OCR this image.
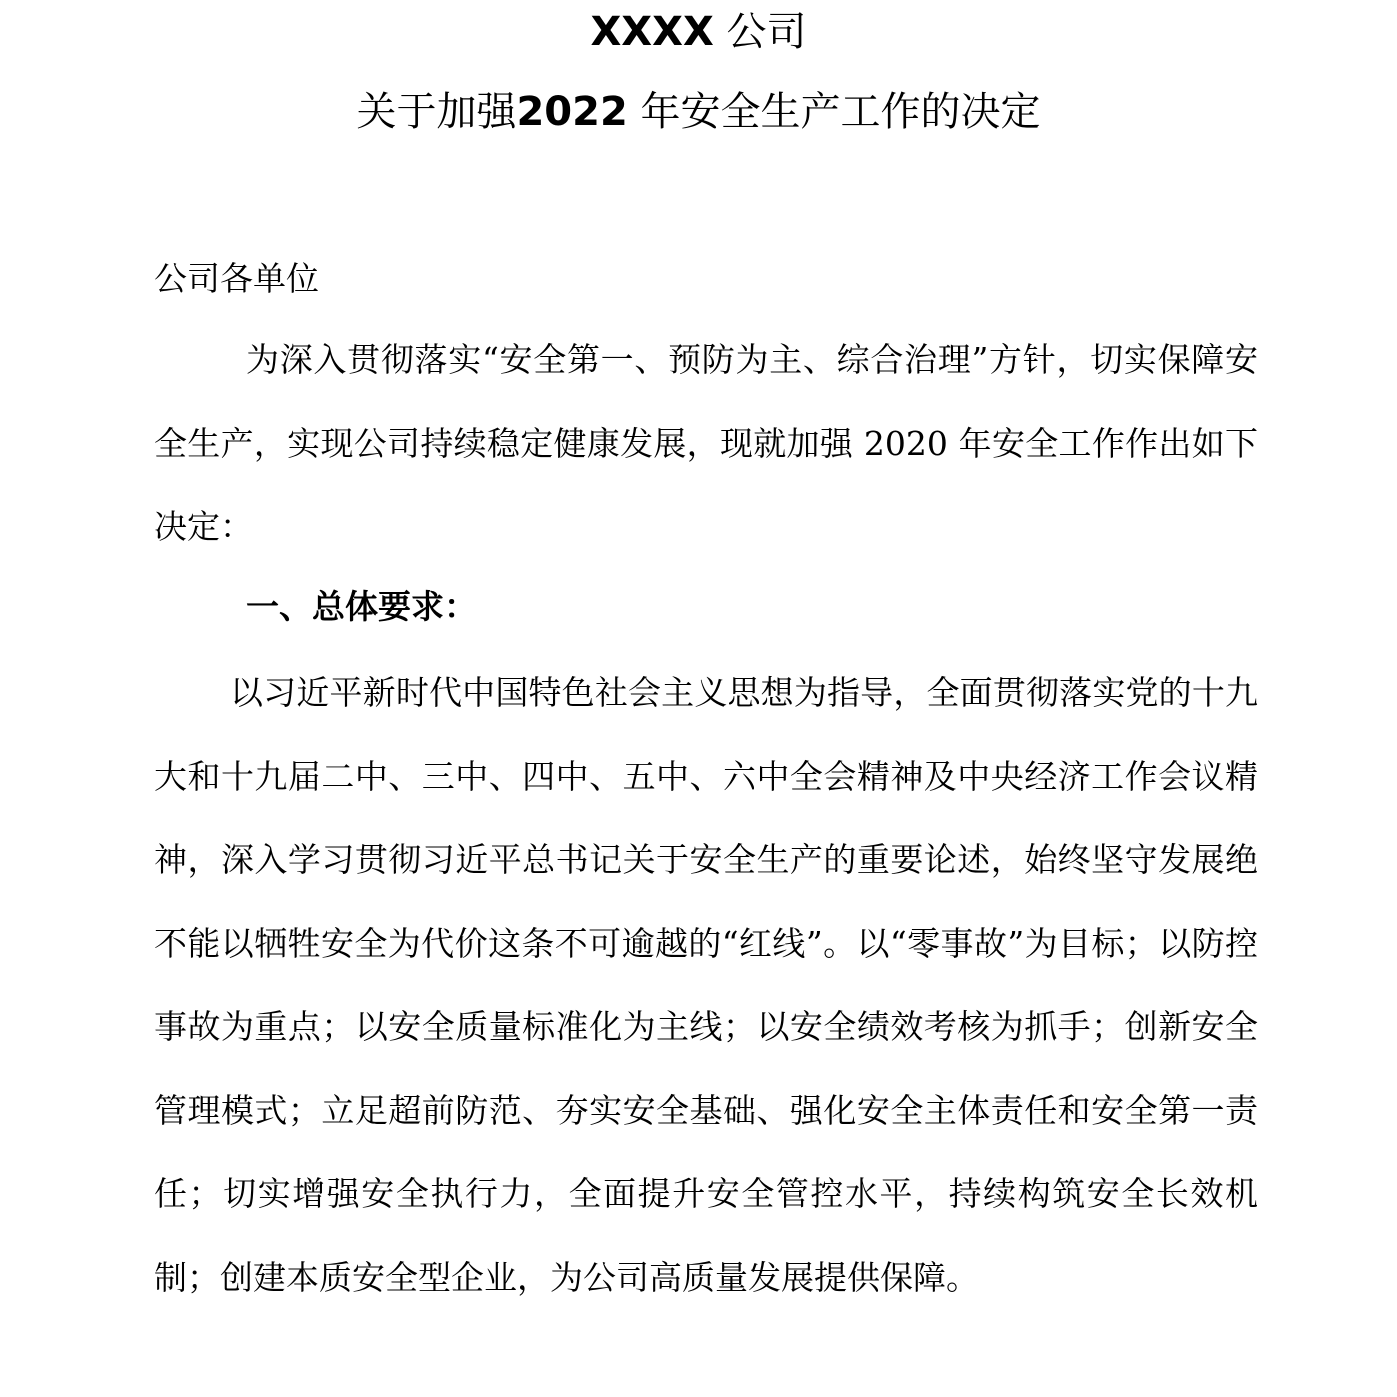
XXXX 公司
关于加强2022 年安全生产工作的决定
公司各单位
为深入贯彻落实“安全第一、预防为主、综合治理”方针，切实保障安全生产，实现公司持续稳定健康发展，现就加强 2020 年安全工作作出如下决定：
一、总体要求：
以习近平新时代中国特色社会主义思想为指导，全面贯彻落实党的十九大和十九届二中、三中、四中、五中、六中全会精神及中央经济工作会议精神，深入学习贯彻习近平总书记关于安全生产的重要论述，始终坚守发展绝不能以牺牲安全为代价这条不可逾越的“红线”。以“零事故”为目标；以防控事故为重点；以安全质量标准化为主线；以安全绩效考核为抓手；创新安全管理模式；立足超前防范、夯实安全基础、强化安全主体责任和安全第一责任；切实增强安全执行力，全面提升安全管控水平，持续构筑安全长效机制；创建本质安全型企业，为公司高质量发展提供保障。
